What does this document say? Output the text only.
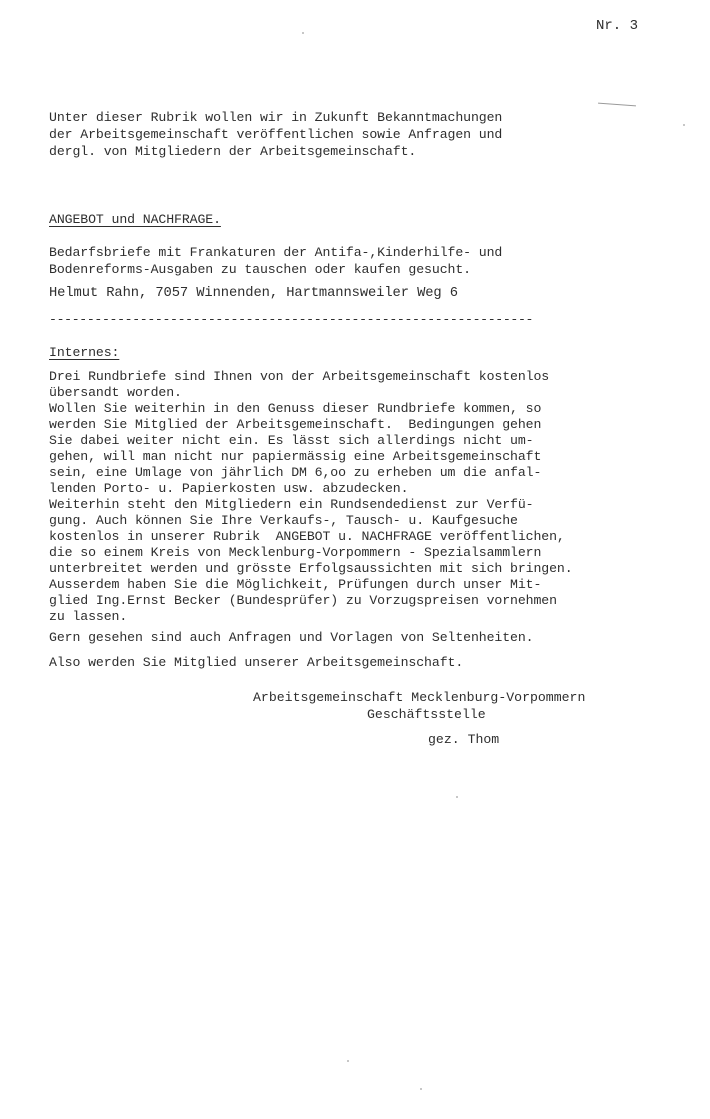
Nr. 3
Unter dieser Rubrik wollen wir in Zukunft Bekanntmachungen
der Arbeitsgemeinschaft veröffentlichen sowie Anfragen und
dergl. von Mitgliedern der Arbeitsgemeinschaft.
ANGEBOT und NACHFRAGE.
Bedarfsbriefe mit Frankaturen der Antifa-,Kinderhilfe- und
Bodenreforms-Ausgaben zu tauschen oder kaufen gesucht.
Helmut Rahn, 7057 Winnenden, Hartmannsweiler Weg 6
----------------------------------------------------------------
Internes:
Drei Rundbriefe sind Ihnen von der Arbeitsgemeinschaft kostenlos
übersandt worden.
Wollen Sie weiterhin in den Genuss dieser Rundbriefe kommen, so
werden Sie Mitglied der Arbeitsgemeinschaft.  Bedingungen gehen
Sie dabei weiter nicht ein. Es lässt sich allerdings nicht um-
gehen, will man nicht nur papiermässig eine Arbeitsgemeinschaft
sein, eine Umlage von jährlich DM 6,oo zu erheben um die anfal-
lenden Porto- u. Papierkosten usw. abzudecken.
Weiterhin steht den Mitgliedern ein Rundsendedienst zur Verfü-
gung. Auch können Sie Ihre Verkaufs-, Tausch- u. Kaufgesuche
kostenlos in unserer Rubrik  ANGEBOT u. NACHFRAGE veröffentlichen,
die so einem Kreis von Mecklenburg-Vorpommern - Spezialsammlern
unterbreitet werden und grösste Erfolgsaussichten mit sich bringen.
Ausserdem haben Sie die Möglichkeit, Prüfungen durch unser Mit-
glied Ing.Ernst Becker (Bundesprüfer) zu Vorzugspreisen vornehmen
zu lassen.
Gern gesehen sind auch Anfragen und Vorlagen von Seltenheiten.
Also werden Sie Mitglied unserer Arbeitsgemeinschaft.
Arbeitsgemeinschaft Mecklenburg-Vorpommern
Geschäftsstelle
gez. Thom
